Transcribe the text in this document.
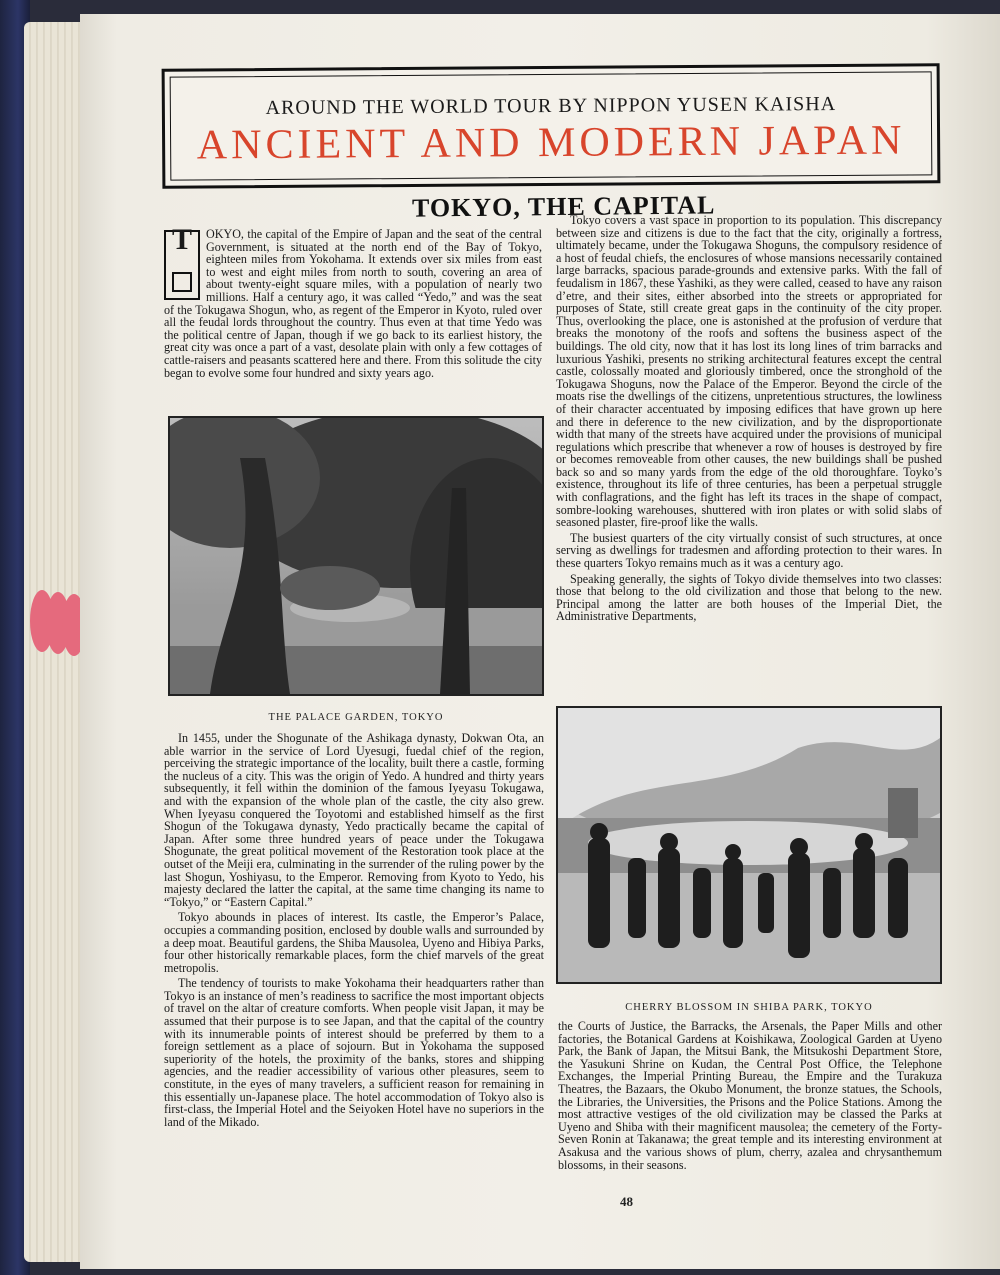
AROUND THE WORLD TOUR BY NIPPON YUSEN KAISHA
ANCIENT AND MODERN JAPAN
TOKYO, THE CAPITAL
T	OKYO, the capital of the Empire of Japan and the seat of the central Government, is situated at the north end of the Bay of Tokyo, eighteen miles from Yokohama. It extends over six miles from east to west and eight miles from north to south, covering an area of about twenty-eight square miles, with a population of nearly two millions. Half a century ago, it was called “Yedo,” and was the seat of the Tokugawa Shogun, who, as regent of the Emperor in Kyoto, ruled over all the feudal lords throughout the country. Thus even at that time Yedo was the political centre of Japan, though if we go back to its earliest history, the great city was once a part of a vast, desolate plain with only a few cottages of cattle-raisers and peasants scattered here and there. From this solitude the city began to evolve some four hundred and sixty years ago.

THE PALACE GARDEN, TOKYO

In 1455, under the Shogunate of the Ashikaga dynasty, Dokwan Ota, an able warrior in the service of Lord Uyesugi, fuedal chief of the region, perceiving the strategic importance of the locality, built there a castle, forming the nucleus of a city. This was the origin of Yedo. A hundred and thirty years subsequently, it fell within the dominion of the famous Iyeyasu Tokugawa, and with the expansion of the whole plan of the castle, the city also grew. When Iyeyasu conquered the Toyotomi and established himself as the first Shogun of the Tokugawa dynasty, Yedo practically became the capital of Japan. After some three hundred years of peace under the Tokugawa Shogunate, the great political movement of the Restoration took place at the outset of the Meiji era, culminating in the surrender of the ruling power by the last Shogun, Yoshiyasu, to the Emperor. Removing from Kyoto to Yedo, his majesty declared the latter the capital, at the same time changing its name to “Tokyo,” or “Eastern Capital.”

Tokyo abounds in places of interest. Its castle, the Emperor’s Palace, occupies a commanding position, enclosed by double walls and surrounded by a deep moat. Beautiful gardens, the Shiba Mausolea, Uyeno and Hibiya Parks, four other historically remarkable places, form the chief marvels of the great metropolis.

The tendency of tourists to make Yokohama their headquarters rather than Tokyo is an instance of men’s readiness to sacrifice the most important objects of travel on the altar of creature comforts. When people visit Japan, it may be assumed that their purpose is to see Japan, and that the capital of the country with its innumerable points of interest should be preferred by them to a foreign settlement as a place of sojourn. But in Yokohama the supposed superiority of the hotels, the proximity of the banks, stores and shipping agencies, and the readier accessibility of various other pleasures, seem to constitute, in the eyes of many travelers, a sufficient reason for remaining in this essentially un-Japanese place. The hotel accommodation of Tokyo also is first-class, the Imperial Hotel and the Seiyoken Hotel have no superiors in the land of the Mikado.

Tokyo covers a vast space in proportion to its population. This discrepancy between size and citizens is due to the fact that the city, originally a fortress, ultimately became, under the Tokugawa Shoguns, the compulsory residence of a host of feudal chiefs, the enclosures of whose mansions necessarily contained large barracks, spacious parade-grounds and extensive parks. With the fall of feudalism in 1867, these Yashiki, as they were called, ceased to have any raison d’etre, and their sites, either absorbed into the streets or appropriated for purposes of State, still create great gaps in the continuity of the city proper. Thus, overlooking the place, one is astonished at the profusion of verdure that breaks the monotony of the roofs and softens the business aspect of the buildings. The old city, now that it has lost its long lines of trim barracks and luxurious Yashiki, presents no striking architectural features except the central castle, colossally moated and gloriously timbered, once the stronghold of the Tokugawa Shoguns, now the Palace of the Emperor. Beyond the circle of the moats rise the dwellings of the citizens, unpretentious structures, the lowliness of their character accentuated by imposing edifices that have grown up here and there in deference to the new civilization, and by the disproportionate width that many of the streets have acquired under the provisions of municipal regulations which prescribe that whenever a row of houses is destroyed by fire or becomes removeable from other causes, the new buildings shall be pushed back so and so many yards from the edge of the old thoroughfare. Toyko’s existence, throughout its life of three centuries, has been a perpetual struggle with conflagrations, and the fight has left its traces in the shape of compact, sombre-looking warehouses, shuttered with iron plates or with solid slabs of seasoned plaster, fire-proof like the walls.

The busiest quarters of the city virtually consist of such structures, at once serving as dwellings for tradesmen and affording protection to their wares. In these quarters Tokyo remains much as it was a century ago.

Speaking generally, the sights of Tokyo divide themselves into two classes: those that belong to the old civilization and those that belong to the new. Principal among the latter are both houses of the Imperial Diet, the Administrative Departments,

CHERRY BLOSSOM IN SHIBA PARK, TOKYO

the Courts of Justice, the Barracks, the Arsenals, the Paper Mills and other factories, the Botanical Gardens at Koishikawa, Zoological Garden at Uyeno Park, the Bank of Japan, the Mitsui Bank, the Mitsukoshi Department Store, the Yasukuni Shrine on Kudan, the Central Post Office, the Telephone Exchanges, the Imperial Printing Bureau, the Empire and the Turakuza Theatres, the Bazaars, the Okubo Monument, the bronze statues, the Schools, the Libraries, the Universities, the Prisons and the Police Stations. Among the most attractive vestiges of the old civilization may be classed the Parks at Uyeno and Shiba with their magnificent mausolea; the cemetery of the Forty-Seven Ronin at Takanawa; the great temple and its interesting environment at Asakusa and the various shows of plum, cherry, azalea and chrysanthemum blossoms, in their seasons.

48
